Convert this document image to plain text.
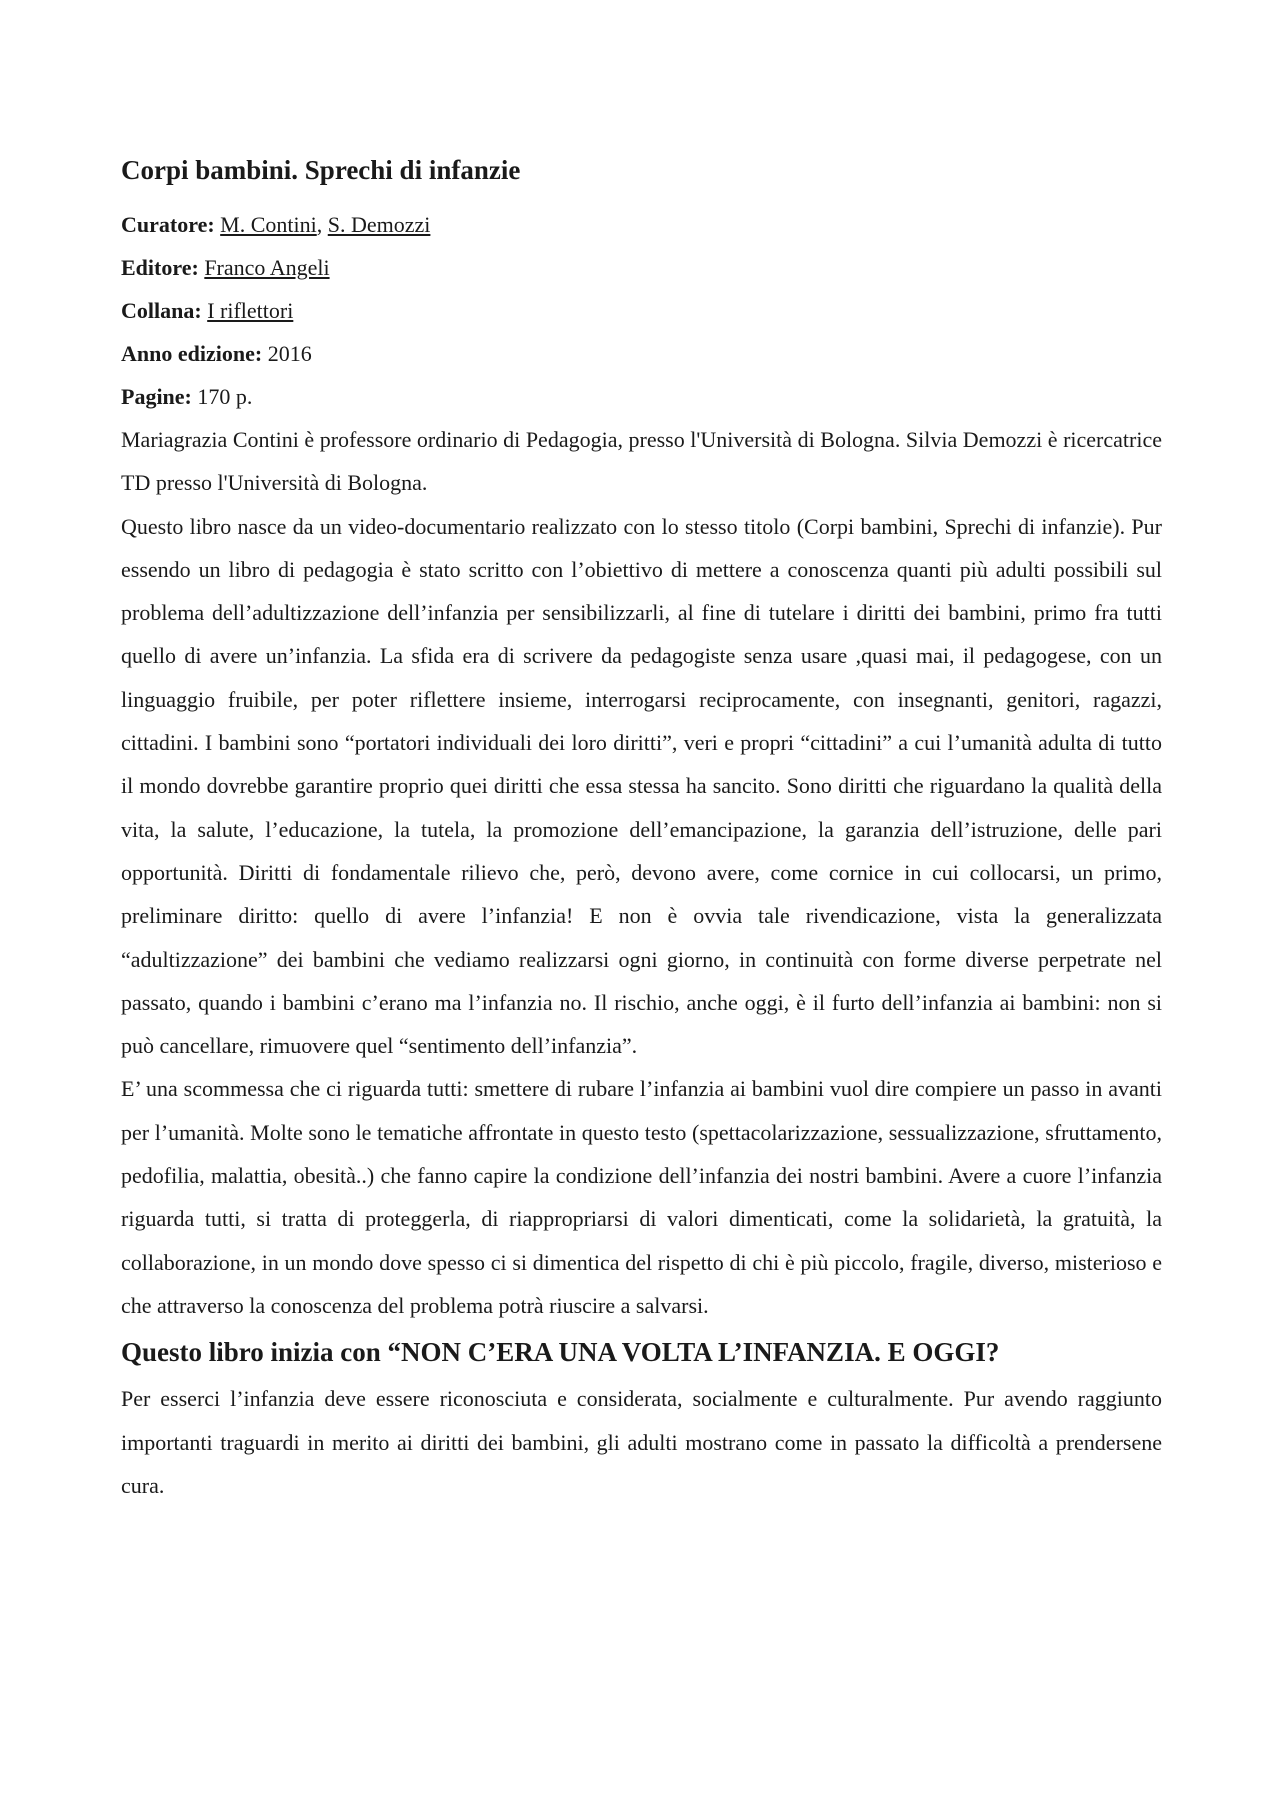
Corpi bambini. Sprechi di infanzie
Curatore: M. Contini, S. Demozzi
Editore: Franco Angeli
Collana: I riflettori
Anno edizione: 2016
Pagine: 170 p.

Mariagrazia Contini è professore ordinario di Pedagogia, presso l'Università di Bologna. Silvia Demozzi è ricercatrice TD presso l'Università di Bologna.

Questo libro nasce da un video-documentario realizzato con lo stesso titolo (Corpi bambini, Sprechi di infanzie). Pur essendo un libro di pedagogia è stato scritto con l’obiettivo di mettere a conoscenza quanti più adulti possibili sul problema dell’adultizzazione dell’infanzia per sensibilizzarli, al fine di tutelare i diritti dei bambini, primo fra tutti quello di avere un’infanzia. La sfida era di scrivere da pedagogiste senza usare ,quasi mai, il pedagogese, con un linguaggio fruibile, per poter riflettere insieme, interrogarsi reciprocamente, con insegnanti, genitori, ragazzi, cittadini. I bambini sono “portatori individuali dei loro diritti”, veri e propri “cittadini” a cui l’umanità adulta di tutto il mondo dovrebbe garantire proprio quei diritti che essa stessa ha sancito. Sono diritti che riguardano la qualità della vita, la salute, l’educazione, la tutela, la promozione dell’emancipazione, la garanzia dell’istruzione, delle pari opportunità. Diritti di fondamentale rilievo che, però, devono avere, come cornice in cui collocarsi, un primo, preliminare diritto: quello di avere l’infanzia! E non è ovvia tale rivendicazione, vista la generalizzata “adultizzazione” dei bambini che vediamo realizzarsi ogni giorno, in continuità con forme diverse perpetrate nel passato, quando i bambini c’erano ma l’infanzia no. Il rischio, anche oggi, è il furto dell’infanzia ai bambini: non si può cancellare, rimuovere quel “sentimento dell’infanzia”.

E’ una scommessa che ci riguarda tutti: smettere di rubare l’infanzia ai bambini vuol dire compiere un passo in avanti per l’umanità. Molte sono le tematiche affrontate in questo testo (spettacolarizzazione, sessualizzazione, sfruttamento, pedofilia, malattia, obesità..) che fanno capire la condizione dell’infanzia dei nostri bambini. Avere a cuore l’infanzia riguarda tutti, si tratta di proteggerla, di riappropriarsi di valori dimenticati, come la solidarietà, la gratuità, la collaborazione, in un mondo dove spesso ci si dimentica del rispetto di chi è più piccolo, fragile, diverso, misterioso e che attraverso la conoscenza del problema potrà riuscire a salvarsi.

Questo libro inizia con “NON C’ERA UNA VOLTA L’INFANZIA. E OGGI?

Per esserci l’infanzia deve essere riconosciuta e considerata, socialmente e culturalmente. Pur avendo raggiunto importanti traguardi in merito ai diritti dei bambini, gli adulti mostrano come in passato la difficoltà a prendersene cura.
